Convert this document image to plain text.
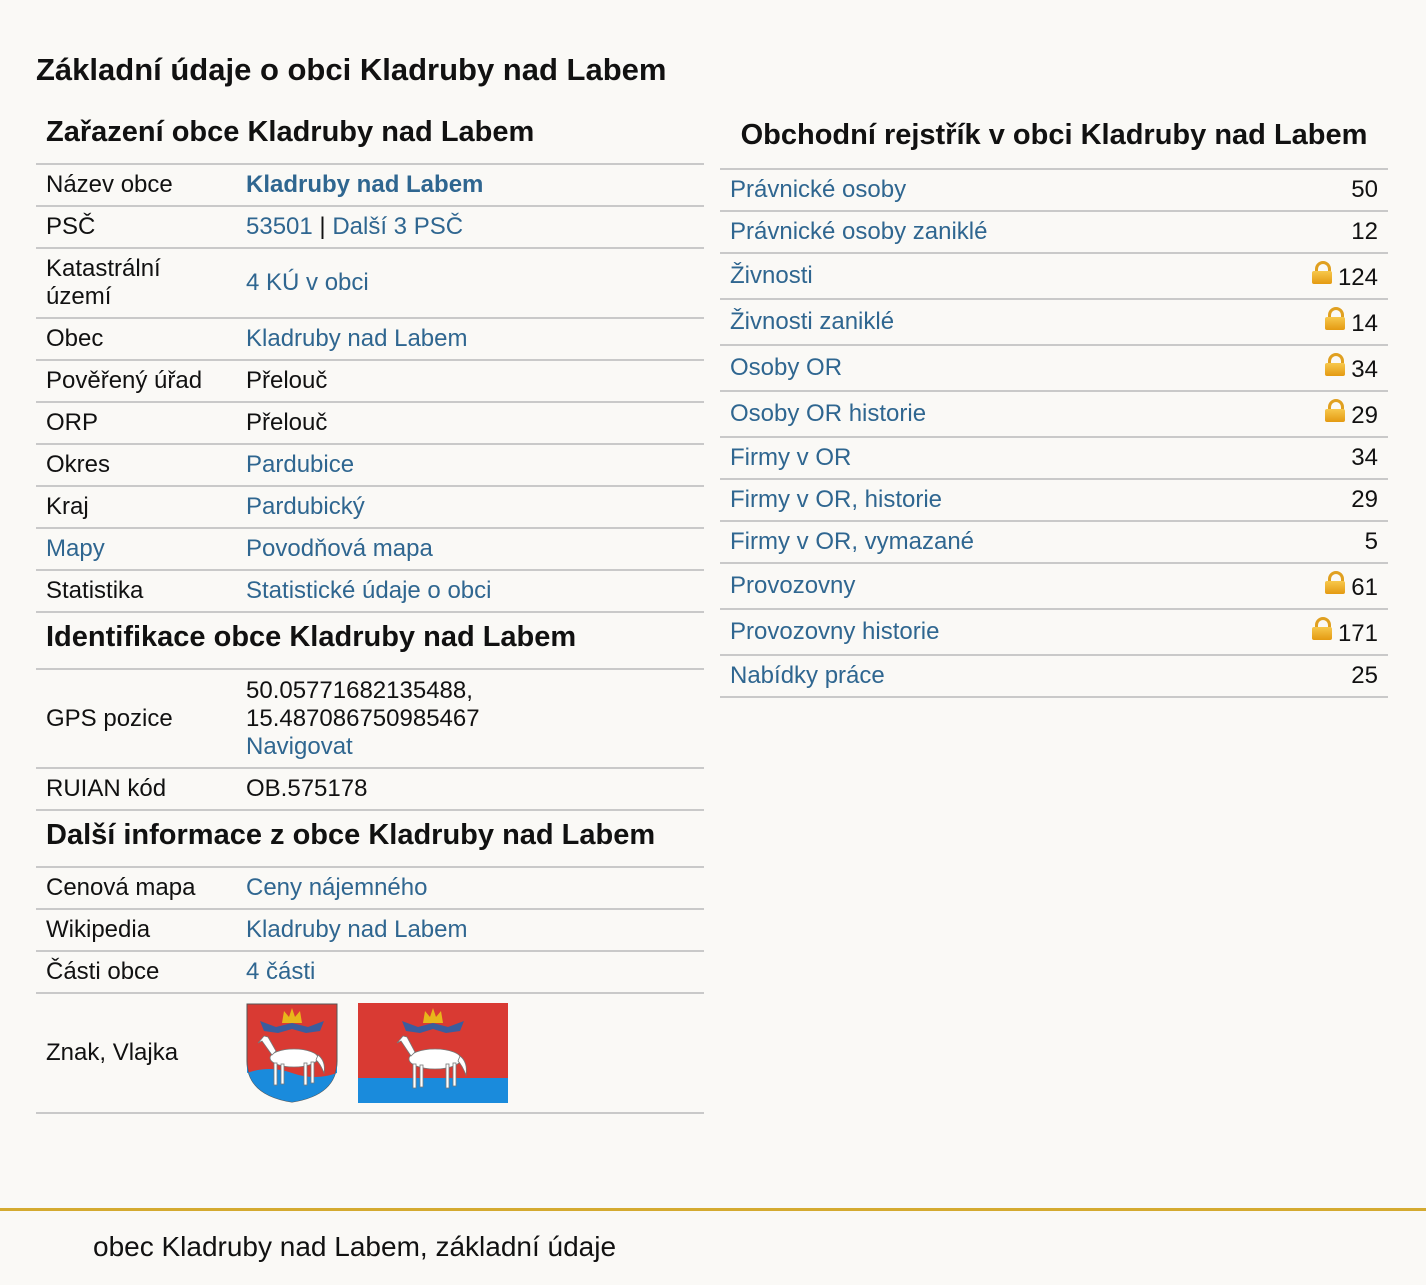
Základní údaje o obci Kladruby nad Labem
Zařazení obce Kladruby nad Labem
Název obce	Kladruby nad Labem
PSČ	53501 | Další 3 PSČ
Katastrální území	4 KÚ v obci
Obec	Kladruby nad Labem
Pověřený úřad	Přelouč
ORP	Přelouč
Okres	Pardubice
Kraj	Pardubický
Mapy	Povodňová mapa
Statistika	Statistické údaje o obci
Identifikace obce Kladruby nad Labem
GPS pozice	50.05771682135488,
15.487086750985467
Navigovat
RUIAN kód	OB.575178
Další informace z obce Kladruby nad Labem
Cenová mapa	Ceny nájemného
Wikipedia	Kladruby nad Labem
Části obce	4 části
Znak, Vlajka	
Obchodní rejstřík v obci Kladruby nad Labem
Právnické osoby	50
Právnické osoby zaniklé	12
Živnosti	124
Živnosti zaniklé	14
Osoby OR	34
Osoby OR historie	29
Firmy v OR	34
Firmy v OR, historie	29
Firmy v OR, vymazané	5
Provozovny	61
Provozovny historie	171
Nabídky práce	25
obec Kladruby nad Labem, základní údaje
